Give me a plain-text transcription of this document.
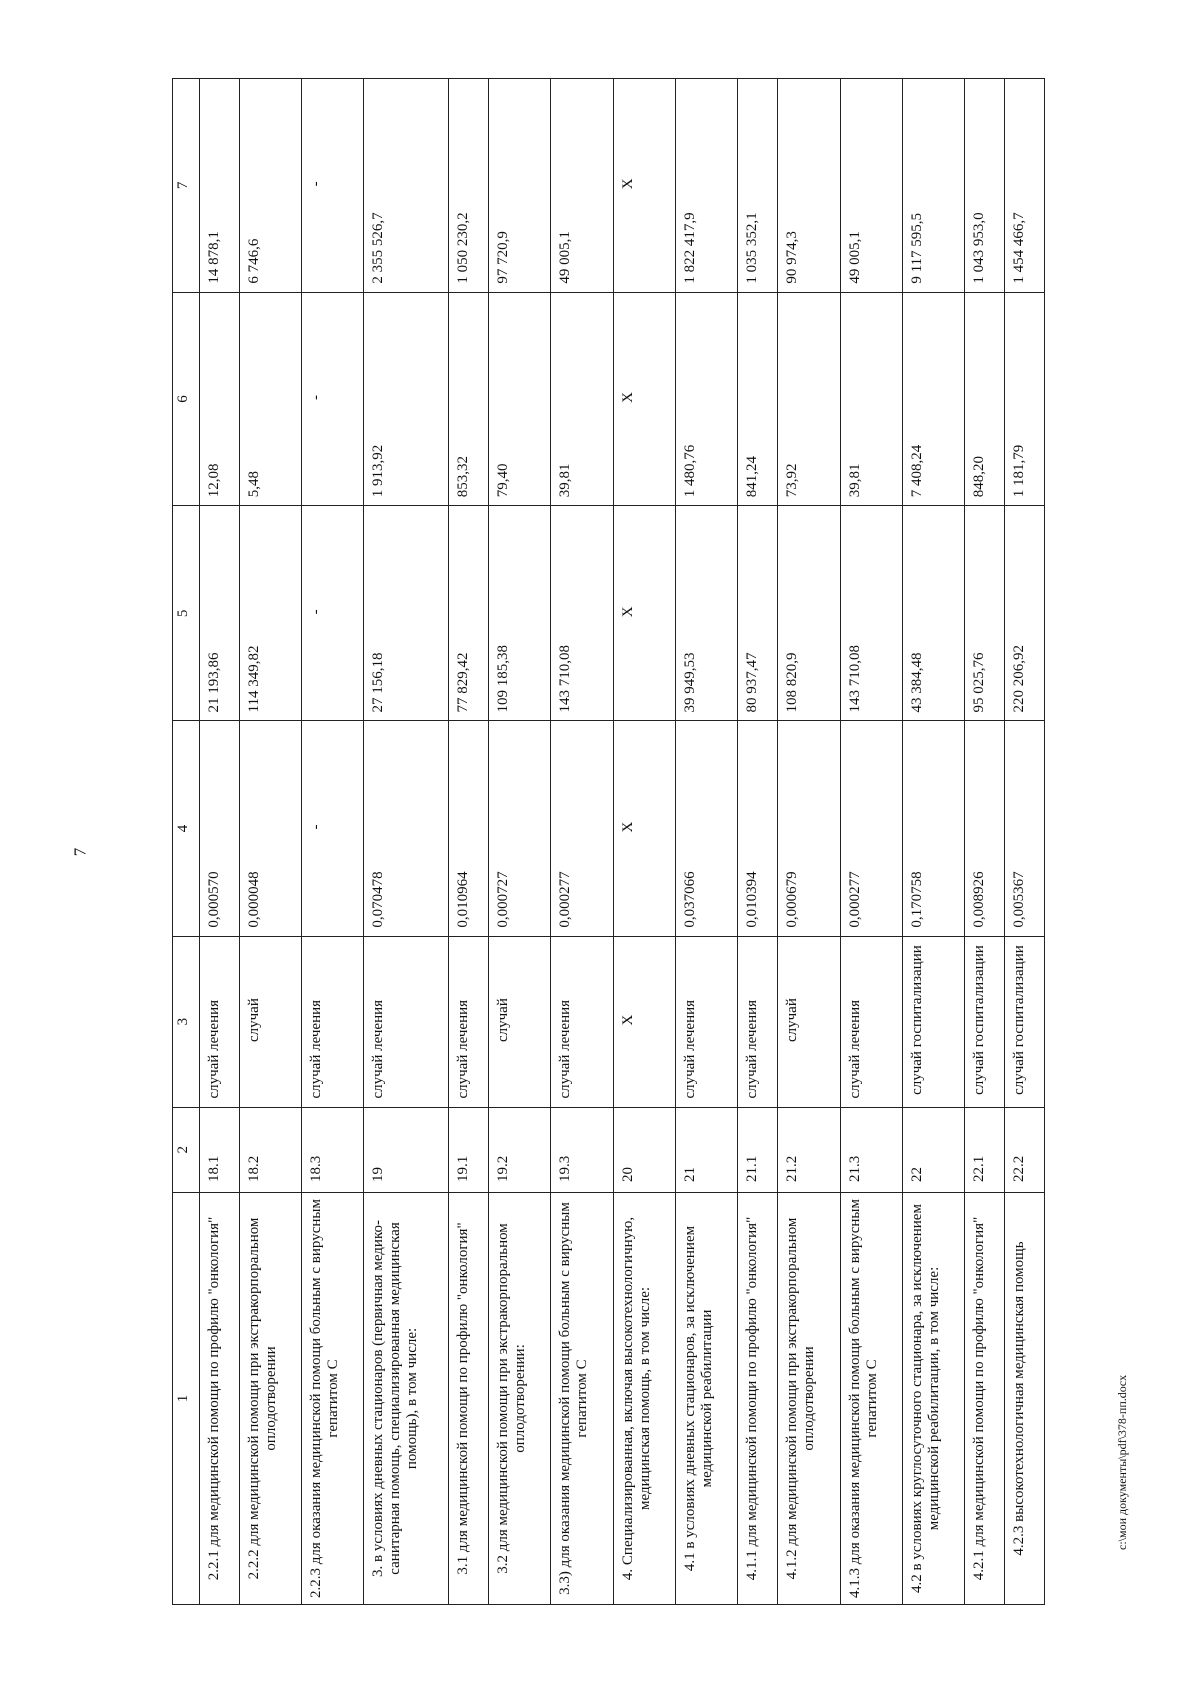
7
1	2	3	4	5	6	7
2.2.1 для медицинской помощи по профилю "онкология"	18.1	случай лечения	0,000570	21 193,86	12,08	14 878,1
2.2.2 для медицинской помощи при экстракорпоральном оплодотворении	18.2	случай	0,000048	114 349,82	5,48	6 746,6
2.2.3 для оказания медицинской помощи больным с вирусным гепатитом С	18.3	случай лечения	-	-	-	-
3. в условиях дневных стационаров (первичная медико-санитарная помощь, специализированная медицинская помощь), в том числе:	19	случай лечения	0,070478	27 156,18	1 913,92	2 355 526,7
3.1 для медицинской помощи по профилю "онкология"	19.1	случай лечения	0,010964	77 829,42	853,32	1 050 230,2
3.2 для медицинской помощи при экстракорпоральном оплодотворении:	19.2	случай	0,000727	109 185,38	79,40	97 720,9
3.3) для оказания медицинской помощи больным с вирусным гепатитом С	19.3	случай лечения	0,000277	143 710,08	39,81	49 005,1
4. Специализированная, включая высокотехнологичную, медицинская помощь, в том числе:	20	Х	Х	Х	Х	Х
4.1 в условиях дневных стационаров, за исключением медицинской реабилитации	21	случай лечения	0,037066	39 949,53	1 480,76	1 822 417,9
4.1.1 для медицинской помощи по профилю "онкология"	21.1	случай лечения	0,010394	80 937,47	841,24	1 035 352,1
4.1.2 для медицинской помощи при экстракорпоральном оплодотворении	21.2	случай	0,000679	108 820,9	73,92	90 974,3
4.1.3 для оказания медицинской помощи больным с вирусным гепатитом С	21.3	случай лечения	0,000277	143 710,08	39,81	49 005,1
4.2 в условиях круглосуточного стационара, за исключением медицинской реабилитации, в том числе:	22	случай госпитализации	0,170758	43 384,48	7 408,24	9 117 595,5
4.2.1 для медицинской помощи по профилю "онкология"	22.1	случай госпитализации	0,008926	95 025,76	848,20	1 043 953,0
4.2.3 высокотехнологичная медицинская помощь	22.2	случай госпитализации	0,005367	220 206,92	1 181,79	1 454 466,7
c:\мои документы\pdf\378-пп.docx
